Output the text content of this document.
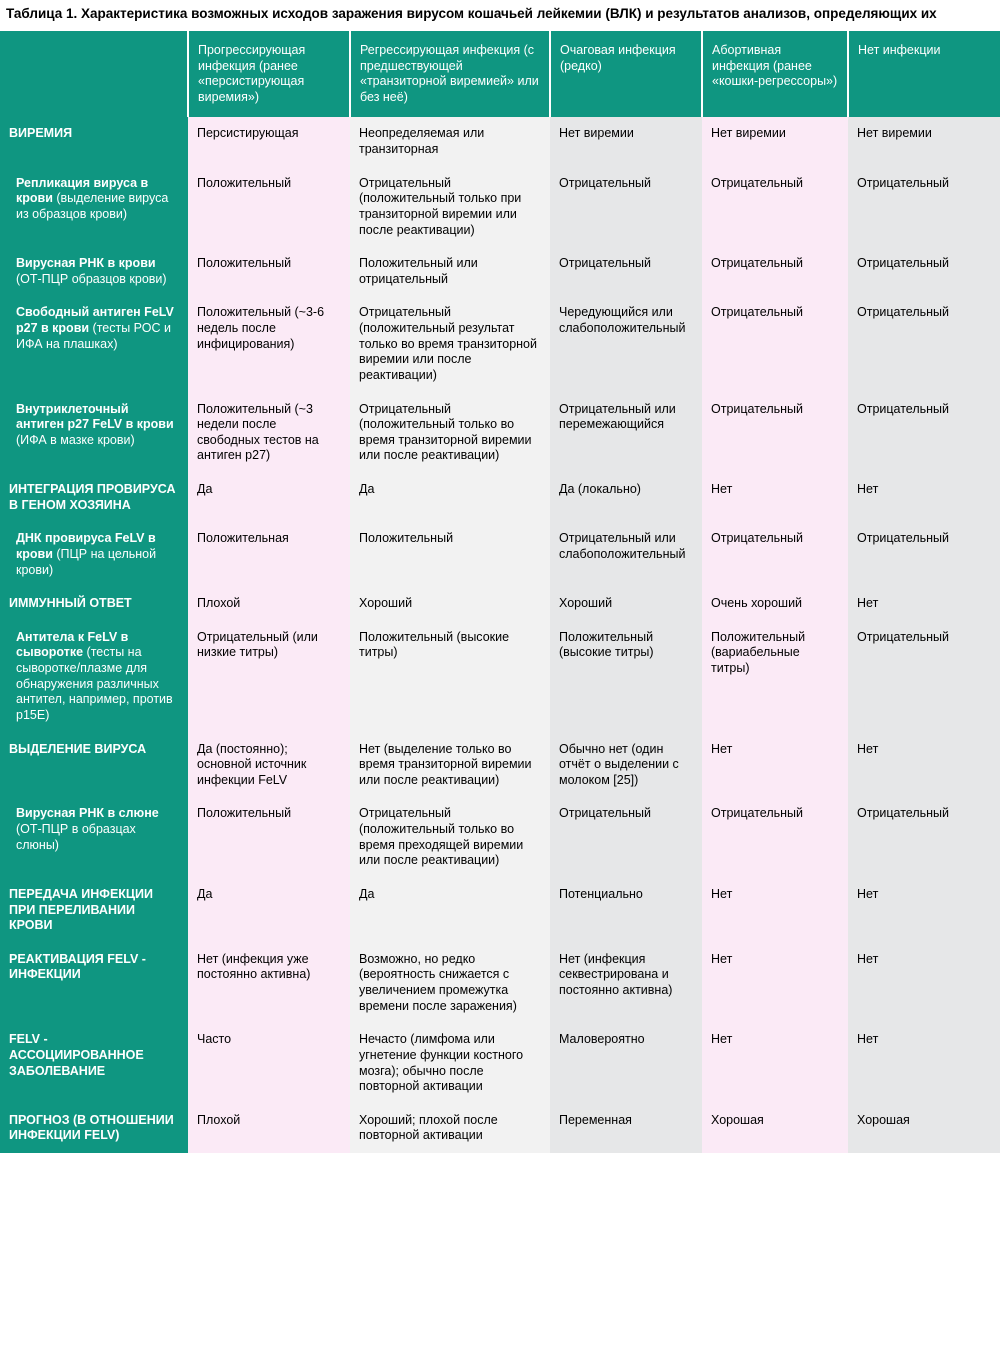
Таблица 1. Характеристика возможных исходов заражения вирусом кошачьей лейкемии (ВЛК) и результатов анализов, определяющих их
	Прогрессирующая инфекция (ранее «персистирующая виремия»)	Регрессирующая инфекция (с предшествующей «транзиторной виремией» или без неё)	Очаговая инфекция (редко)	Абортивная инфекция (ранее «кошки-регрессоры»)	Нет инфекции
ВИРЕМИЯ	Персистирующая	Неопределяемая или транзиторная	Нет виремии	Нет виремии	Нет виремии
Репликация вируса в крови (выделение вируса из образцов крови)	Положительный	Отрицательный (положительный только при транзиторной виремии или после реактивации)	Отрицательный	Отрицательный	Отрицательный
Вирусная РНК в крови (ОТ-ПЦР образцов крови)	Положительный	Положительный или отрицательный	Отрицательный	Отрицательный	Отрицательный
Свободный антиген FeLV p27 в крови (тесты РОС и ИФА на плашках)	Положительный (~3-6 недель после инфицирования)	Отрицательный (положительный результат только во время транзиторной виремии или после реактивации)	Чередующийся или слабоположительный	Отрицательный	Отрицательный
Внутриклеточный антиген p27 FeLV в крови (ИФА в мазке крови)	Положительный (~3 недели после свободных тестов на антиген p27)	Отрицательный (положительный только во время транзиторной виремии или после реактивации)	Отрицательный или перемежающийся	Отрицательный	Отрицательный
ИНТЕГРАЦИЯ ПРОВИРУСА В ГЕНОМ ХОЗЯИНА	Да	Да	Да (локально)	Нет	Нет
ДНК провируса FeLV в крови (ПЦР на цельной крови)	Положительная	Положительный	Отрицательный или слабоположительный	Отрицательный	Отрицательный
ИММУННЫЙ ОТВЕТ	Плохой	Хороший	Хороший	Очень хороший	Нет
Антитела к FeLV в сыворотке (тесты на сыворотке/плазме для обнаружения различных антител, например, против p15E)	Отрицательный (или низкие титры)	Положительный (высокие титры)	Положительный (высокие титры)	Положительный (вариабельные титры)	Отрицательный
ВЫДЕЛЕНИЕ ВИРУСА	Да (постоянно); основной источник инфекции FeLV	Нет (выделение только во время транзиторной виремии или после реактивации)	Обычно нет (один отчёт о выделении с молоком [25])	Нет	Нет
Вирусная РНК в слюне (ОТ-ПЦР в образцах слюны)	Положительный	Отрицательный (положительный только во время преходящей виремии или после реактивации)	Отрицательный	Отрицательный	Отрицательный
ПЕРЕДАЧА ИНФЕКЦИИ ПРИ ПЕРЕЛИВАНИИ КРОВИ	Да	Да	Потенциально	Нет	Нет
РЕАКТИВАЦИЯ FELV - ИНФЕКЦИИ	Нет (инфекция уже постоянно активна)	Возможно, но редко (вероятность снижается с увеличением промежутка времени после заражения)	Нет (инфекция секвестрирована и постоянно активна)	Нет	Нет
FELV - АССОЦИИРОВАННОЕ ЗАБОЛЕВАНИЕ	Часто	Нечасто (лимфома или угнетение функции костного мозга); обычно после повторной активации	Маловероятно	Нет	Нет
ПРОГНОЗ (В ОТНОШЕНИИ ИНФЕКЦИИ FELV)	Плохой	Хороший; плохой после повторной активации	Переменная	Хорошая	Хорошая
